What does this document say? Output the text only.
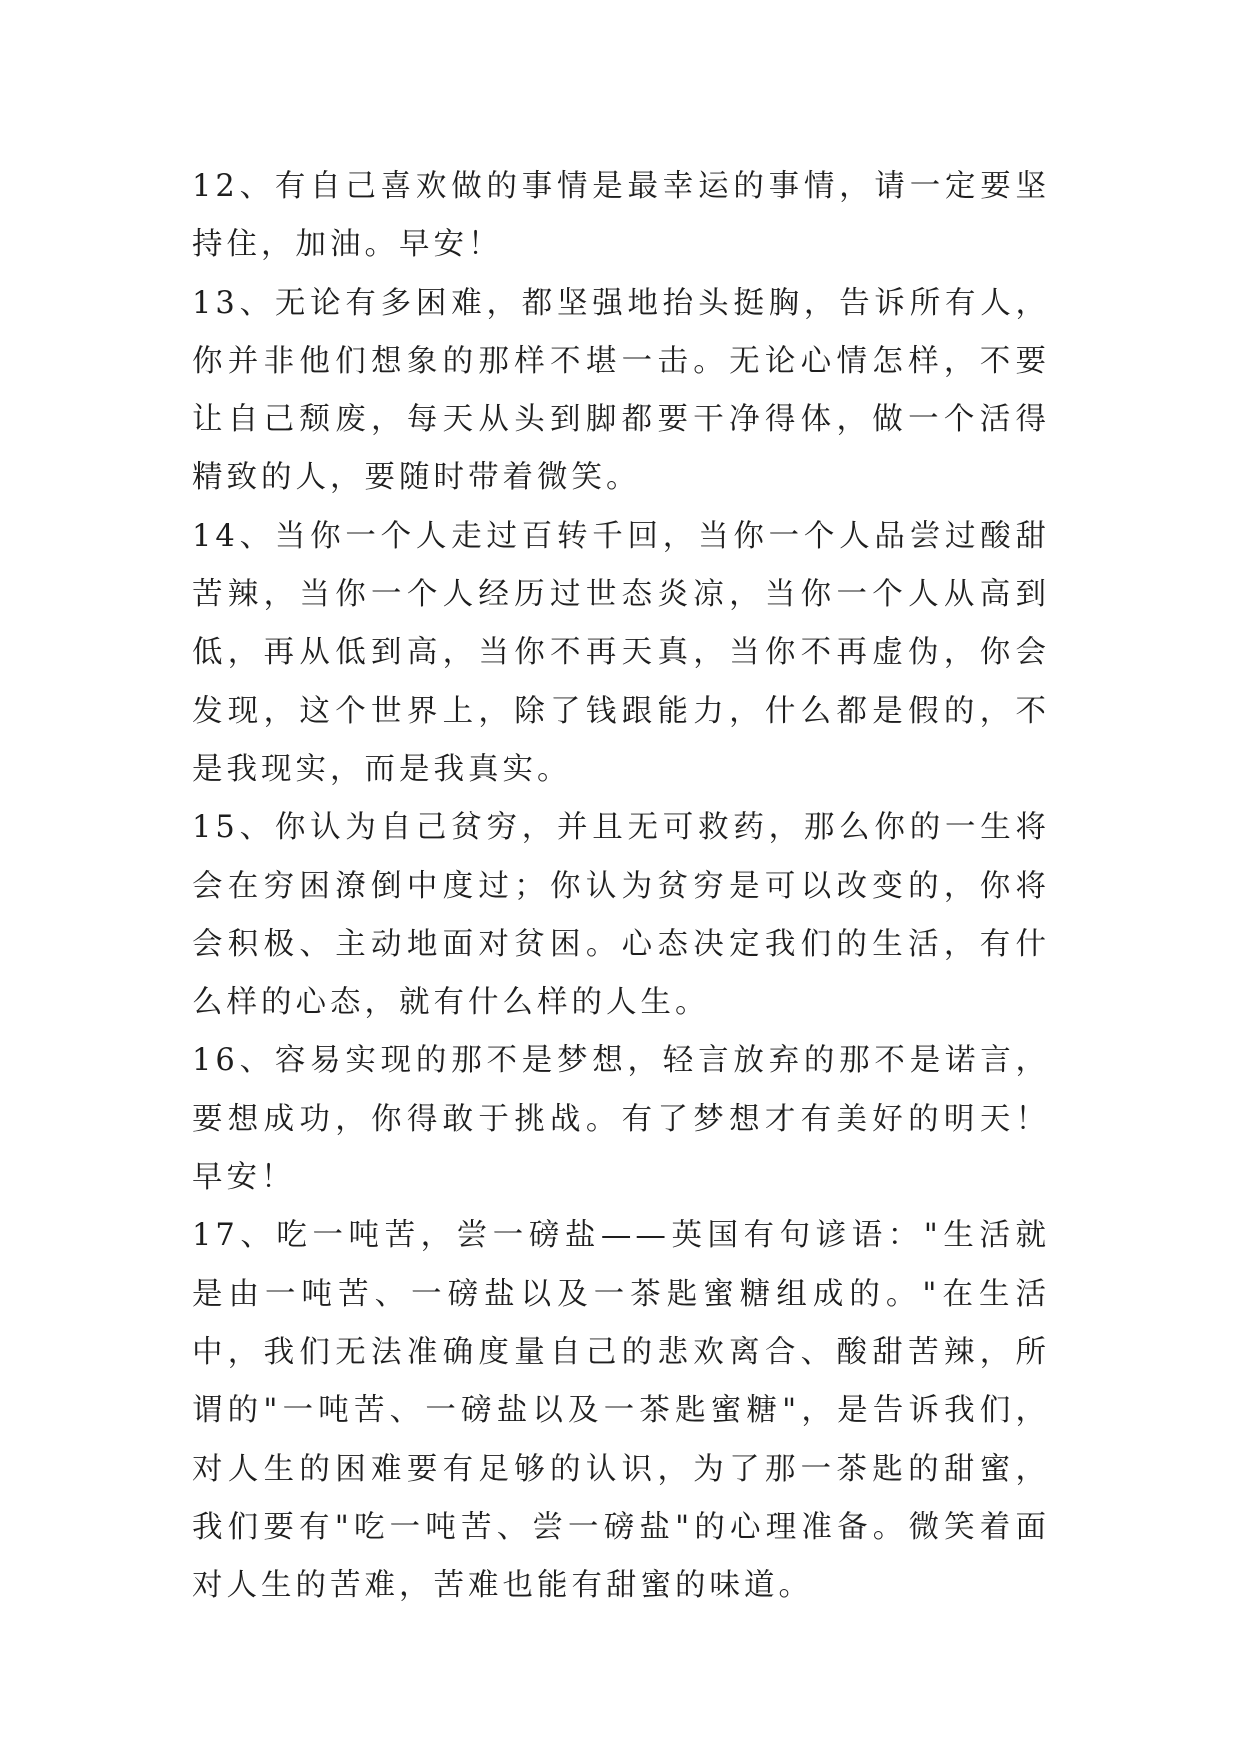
12、有自己喜欢做的事情是最幸运的事情，请一定要坚持住，加油。早安！

13、无论有多困难，都坚强地抬头挺胸，告诉所有人，你并非他们想象的那样不堪一击。无论心情怎样，不要让自己颓废，每天从头到脚都要干净得体，做一个活得精致的人，要随时带着微笑。

14、当你一个人走过百转千回，当你一个人品尝过酸甜苦辣，当你一个人经历过世态炎凉，当你一个人从高到低，再从低到高，当你不再天真，当你不再虚伪，你会发现，这个世界上，除了钱跟能力，什么都是假的，不是我现实，而是我真实。

15、你认为自己贫穷，并且无可救药，那么你的一生将会在穷困潦倒中度过；你认为贫穷是可以改变的，你将会积极、主动地面对贫困。心态决定我们的生活，有什么样的心态，就有什么样的人生。

16、容易实现的那不是梦想，轻言放弃的那不是诺言，要想成功，你得敢于挑战。有了梦想才有美好的明天！早安！

17、吃一吨苦，尝一磅盐——英国有句谚语："生活就是由一吨苦、一磅盐以及一茶匙蜜糖组成的。"在生活中，我们无法准确度量自己的悲欢离合、酸甜苦辣，所谓的"一吨苦、一磅盐以及一茶匙蜜糖"，是告诉我们，对人生的困难要有足够的认识，为了那一茶匙的甜蜜，我们要有"吃一吨苦、尝一磅盐"的心理准备。微笑着面对人生的苦难，苦难也能有甜蜜的味道。
